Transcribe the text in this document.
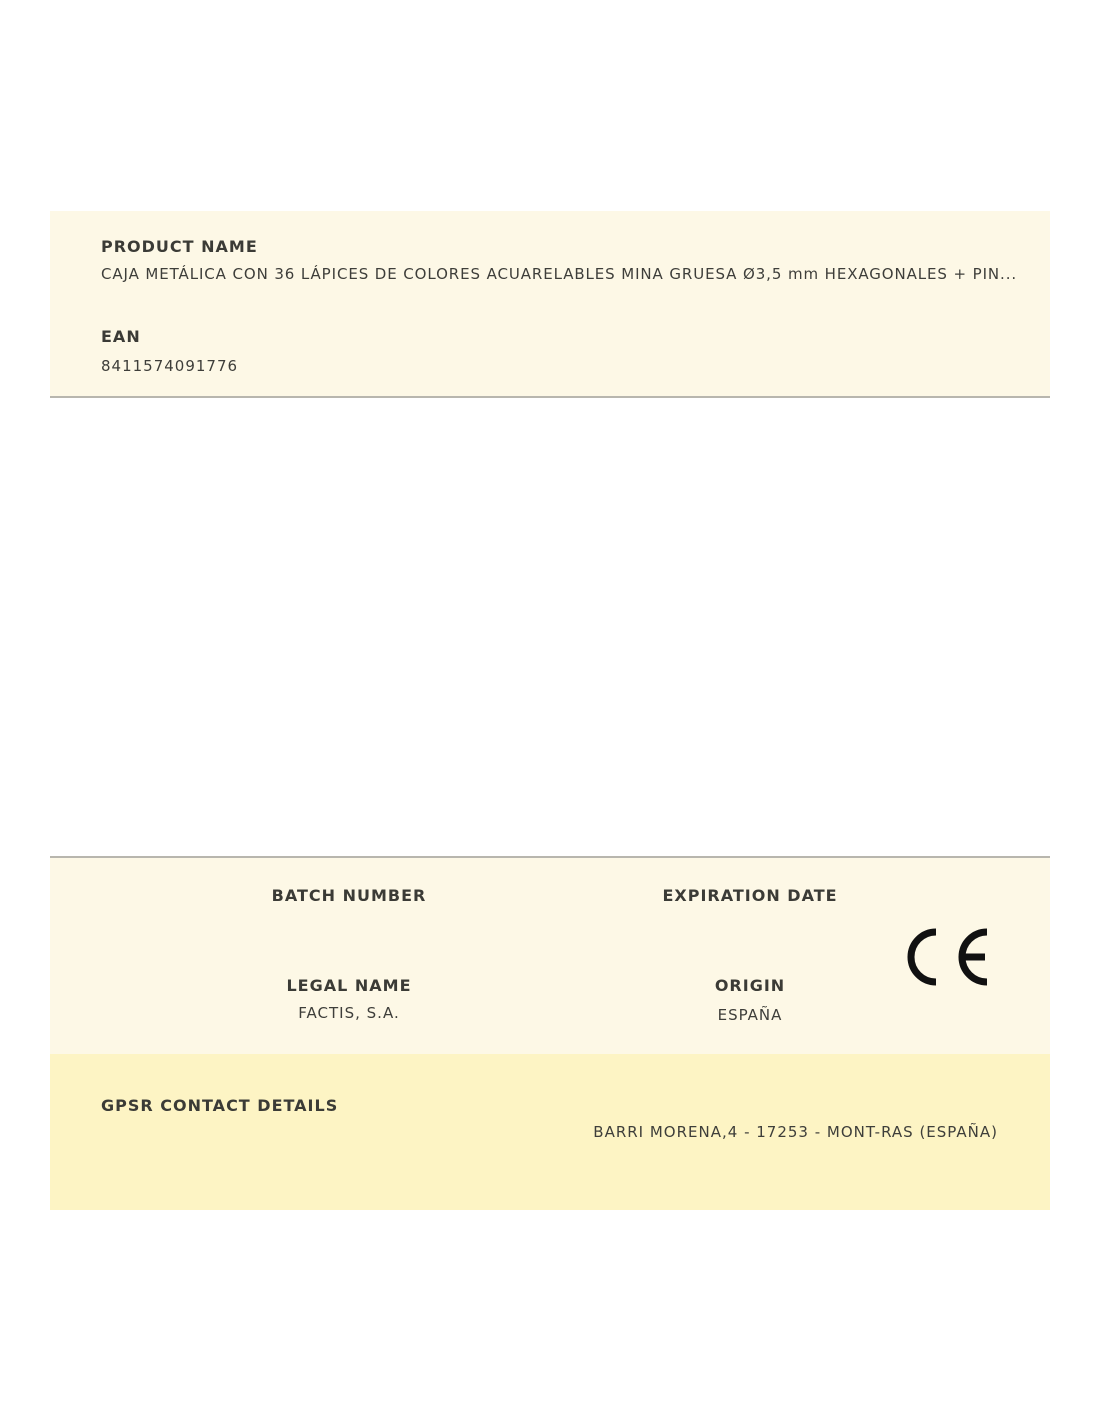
PRODUCT NAME
CAJA METÁLICA CON 36 LÁPICES DE COLORES ACUARELABLES MINA GRUESA Ø3,5 mm HEXAGONALES + PIN...
EAN
8411574091776
BATCH NUMBER	EXPIRATION DATE
LEGAL NAME
FACTIS, S.A.
ORIGIN
ESPAÑA
GPSR CONTACT DETAILS
BARRI MORENA,4 - 17253 - MONT-RAS (ESPAÑA)
